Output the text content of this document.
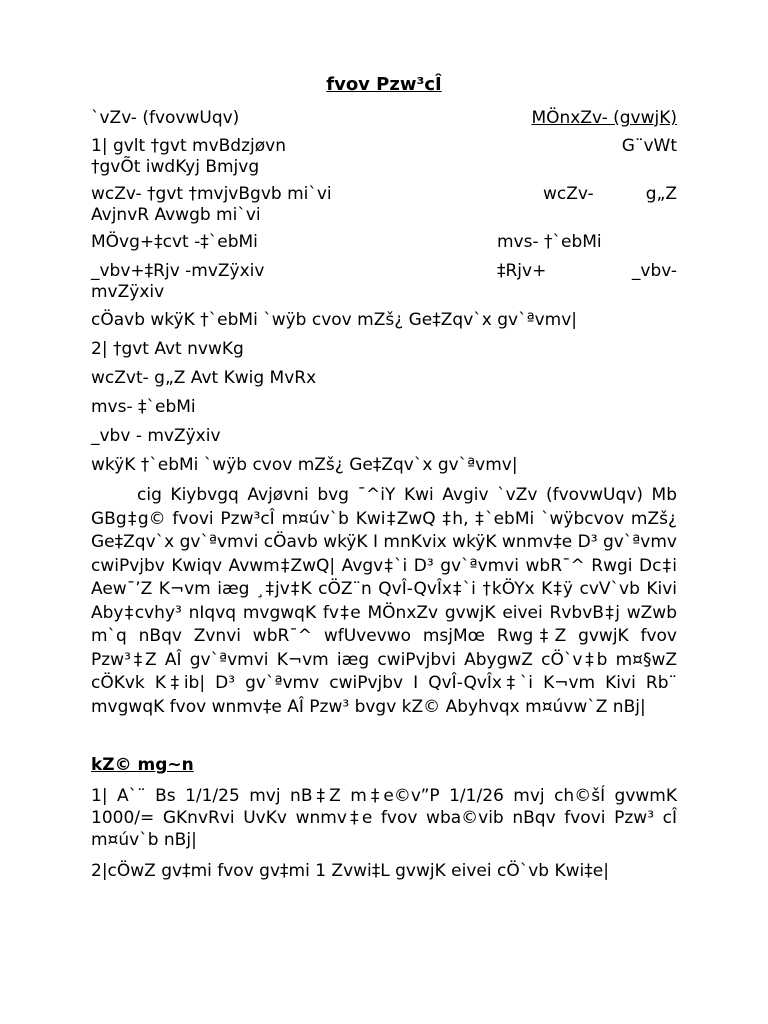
fvov Pzw³cÎ
`vZv- (fvovwUqv)	MÖnxZv- (gvwjK)
1| gvlt †gvt mvBdzjøvn	G¨vWt
†gvÕt iwdKyj Bmjvg
wcZv- †gvt †mvjvBgvb mi`vi	wcZv-	g„Z
AvjnvR Avwgb mi`vi
MÖvg+‡cvt -‡`ebMi	mvs- †`ebMi
_vbv+‡Rjv -mvZÿxiv	‡Rjv+	_vbv-
mvZÿxiv
cÖavb wkÿK †`ebMi `wÿb cvov mZš¿ Ge‡Zqv`x gv`ªvmv|
2| †gvt Avt nvwKg
wcZvt- g„Z Avt Kwig MvRx
mvs- ‡`ebMi
_vbv - mvZÿxiv
wkÿK †`ebMi `wÿb cvov mZš¿ Ge‡Zqv`x gv`ªvmv|
cig Kiybvgq Avjøvni bvg ¯^iY Kwi Avgiv `vZv (fvovwUqv) Mb GBg‡g© fvovi Pzw³cÎ m¤úv`b Kwi‡ZwQ ‡h, ‡`ebMi `wÿbcvov mZš¿ Ge‡Zqv`x gv`ªvmvi cÖavb wkÿK I mnKvix wkÿK wnmv‡e D³ gv`ªvmv cwiPvjbv Kwiqv Avwm‡ZwQ| Avgv‡`i D³ gv`ªvmvi wbR¯^ Rwgi Dc‡i Aew¯’Z K¬vm iæg ¸‡jv‡K cÖZ¨n QvÎ-QvÎx‡`i †kÖYx K‡ÿ cvV`vb Kivi Aby‡cvhy³ nIqvq mvgwqK fv‡e MÖnxZv gvwjK eivei RvbvB‡j wZwb m`q nBqv Zvnvi wbR¯^ wfUvevwo msjMœ Rwg‡Z gvwjK fvov Pzw³‡Z AÎ gv`ªvmvi K¬vm iæg cwiPvjbvi AbygwZ cÖ`v‡b m¤§wZ cÖKvk K‡ib| D³ gv`ªvmv cwiPvjbv I QvÎ-QvÎx‡`i K¬vm Kivi Rb¨ mvgwqK fvov wnmv‡e AÎ Pzw³ bvgv kZ© Abyhvqx m¤úvw`Z nBj|
kZ© mg~n
1| A`¨ Bs 1/1/25 mvj nB‡Z m‡e©v”P 1/1/26 mvj ch©šÍ gvwmK 1000/= GKnvRvi UvKv wnmv‡e fvov wba©vib nBqv fvovi Pzw³ cÎ m¤úv`b nBj|
2|cÖwZ gv‡mi fvov gv‡mi 1 Zvwi‡L gvwjK eivei cÖ`vb Kwi‡e|
